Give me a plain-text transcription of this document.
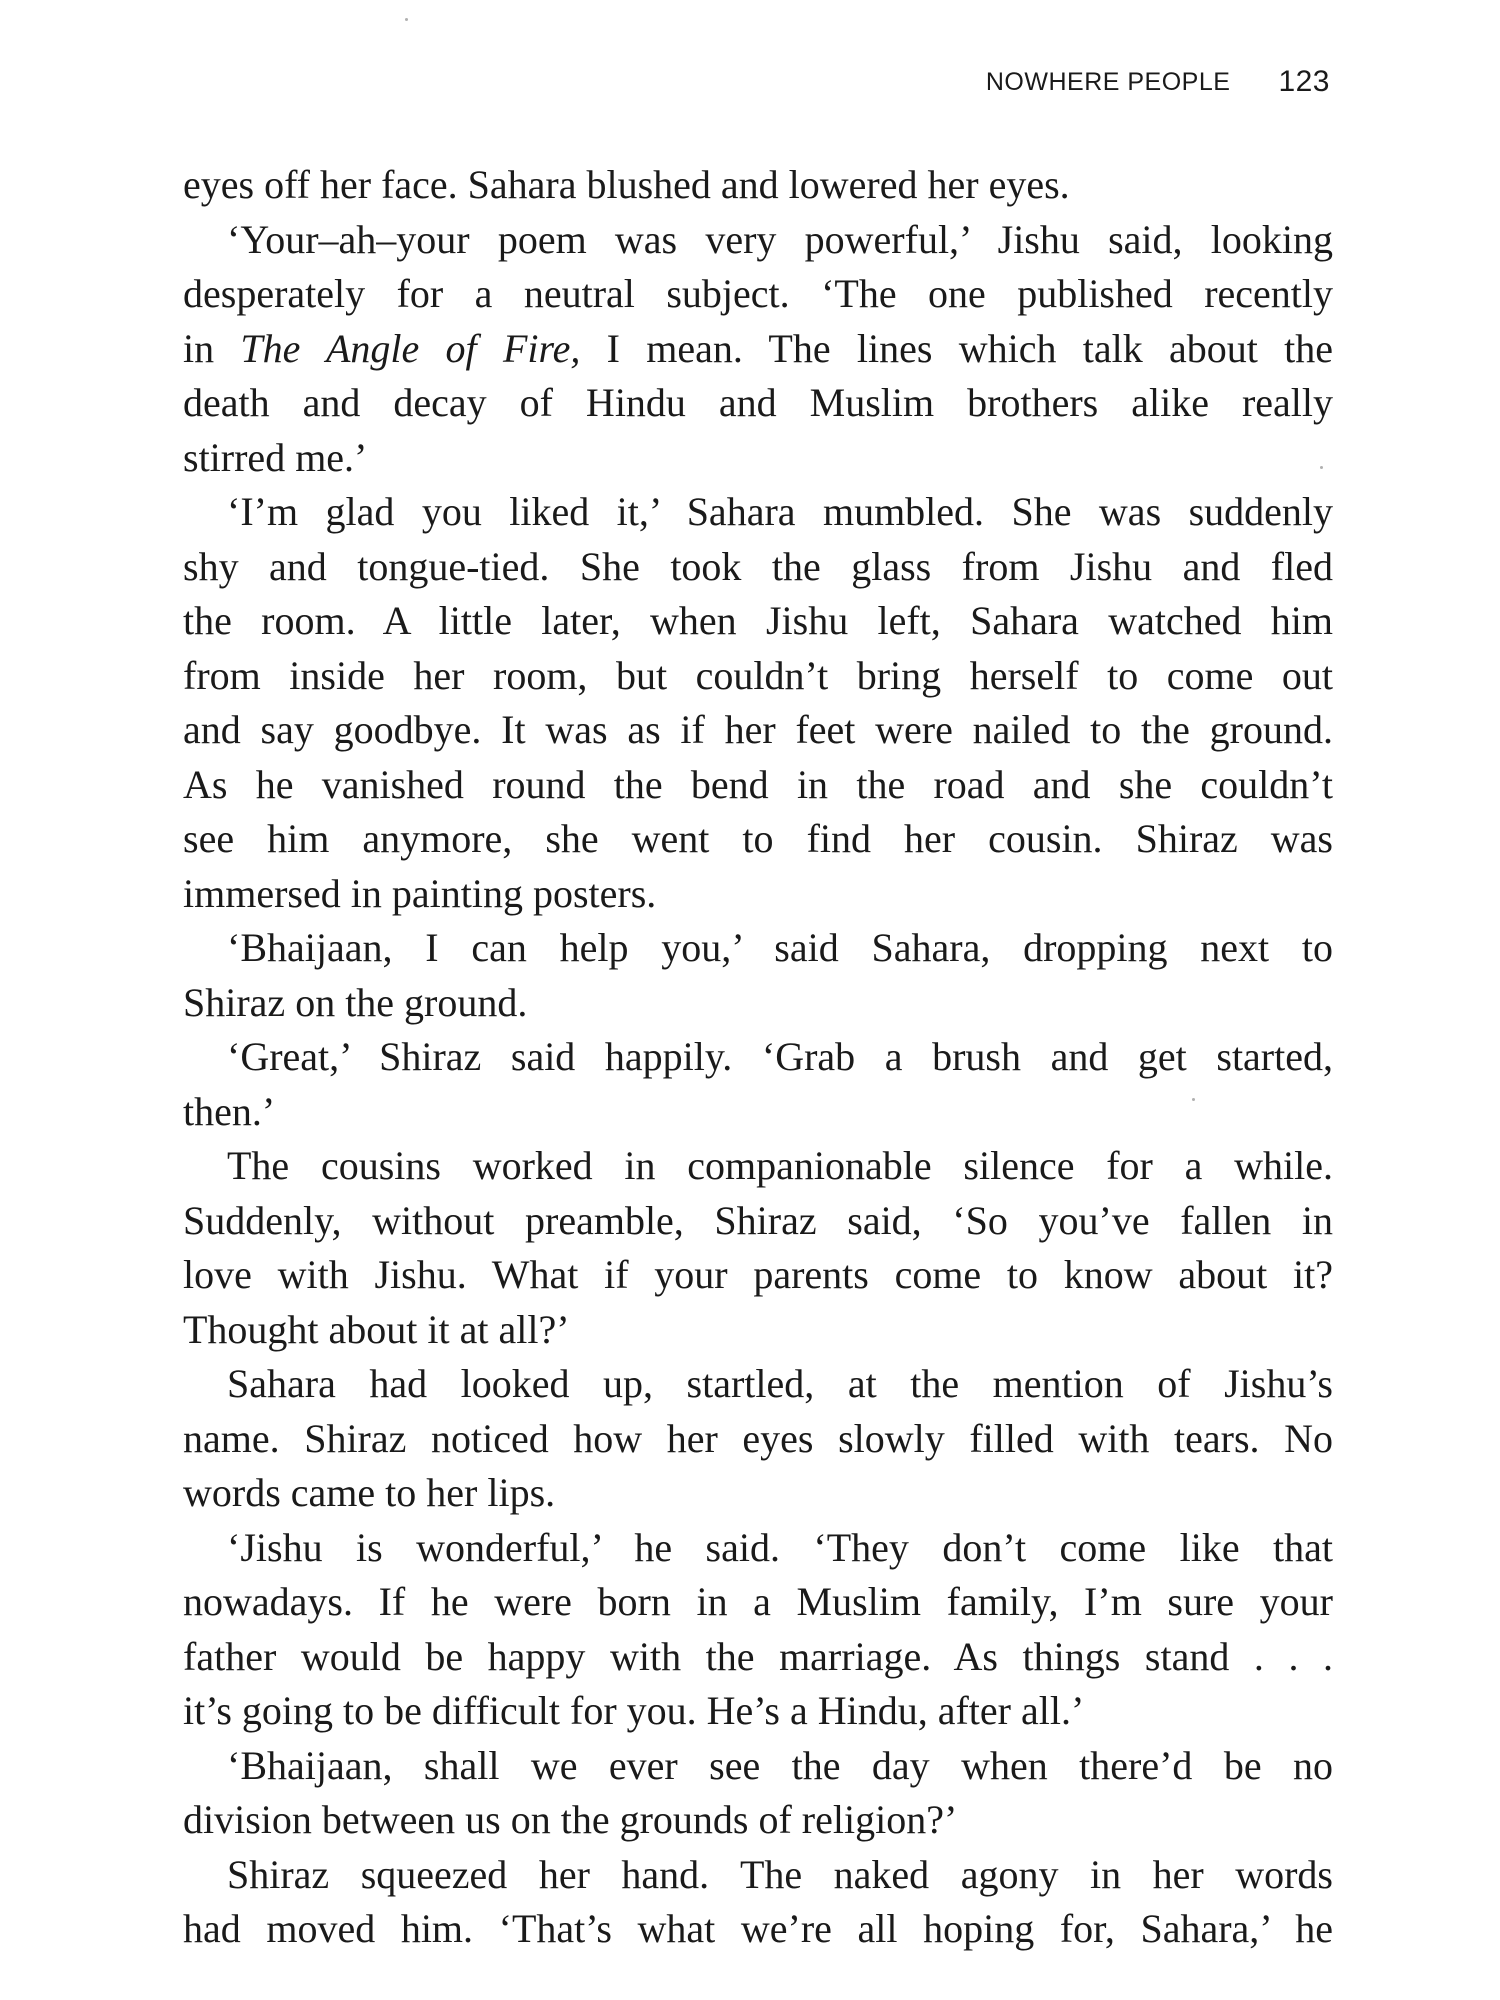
NOWHERE PEOPLE 123
eyes off her face. Sahara blushed and lowered her eyes.
‘Your–ah–your poem was very powerful,’ Jishu said, looking
desperately for a neutral subject. ‘The one published recently
in The Angle of Fire, I mean. The lines which talk about the
death and decay of Hindu and Muslim brothers alike really
stirred me.’
‘I’m glad you liked it,’ Sahara mumbled. She was suddenly
shy and tongue-tied. She took the glass from Jishu and fled
the room. A little later, when Jishu left, Sahara watched him
from inside her room, but couldn’t bring herself to come out
and say goodbye. It was as if her feet were nailed to the ground.
As he vanished round the bend in the road and she couldn’t
see him anymore, she went to find her cousin. Shiraz was
immersed in painting posters.
‘Bhaijaan, I can help you,’ said Sahara, dropping next to
Shiraz on the ground.
‘Great,’ Shiraz said happily. ‘Grab a brush and get started,
then.’
The cousins worked in companionable silence for a while.
Suddenly, without preamble, Shiraz said, ‘So you’ve fallen in
love with Jishu. What if your parents come to know about it?
Thought about it at all?’
Sahara had looked up, startled, at the mention of Jishu’s
name. Shiraz noticed how her eyes slowly filled with tears. No
words came to her lips.
‘Jishu is wonderful,’ he said. ‘They don’t come like that
nowadays. If he were born in a Muslim family, I’m sure your
father would be happy with the marriage. As things stand . . .
it’s going to be difficult for you. He’s a Hindu, after all.’
‘Bhaijaan, shall we ever see the day when there’d be no
division between us on the grounds of religion?’
Shiraz squeezed her hand. The naked agony in her words
had moved him. ‘That’s what we’re all hoping for, Sahara,’ he
